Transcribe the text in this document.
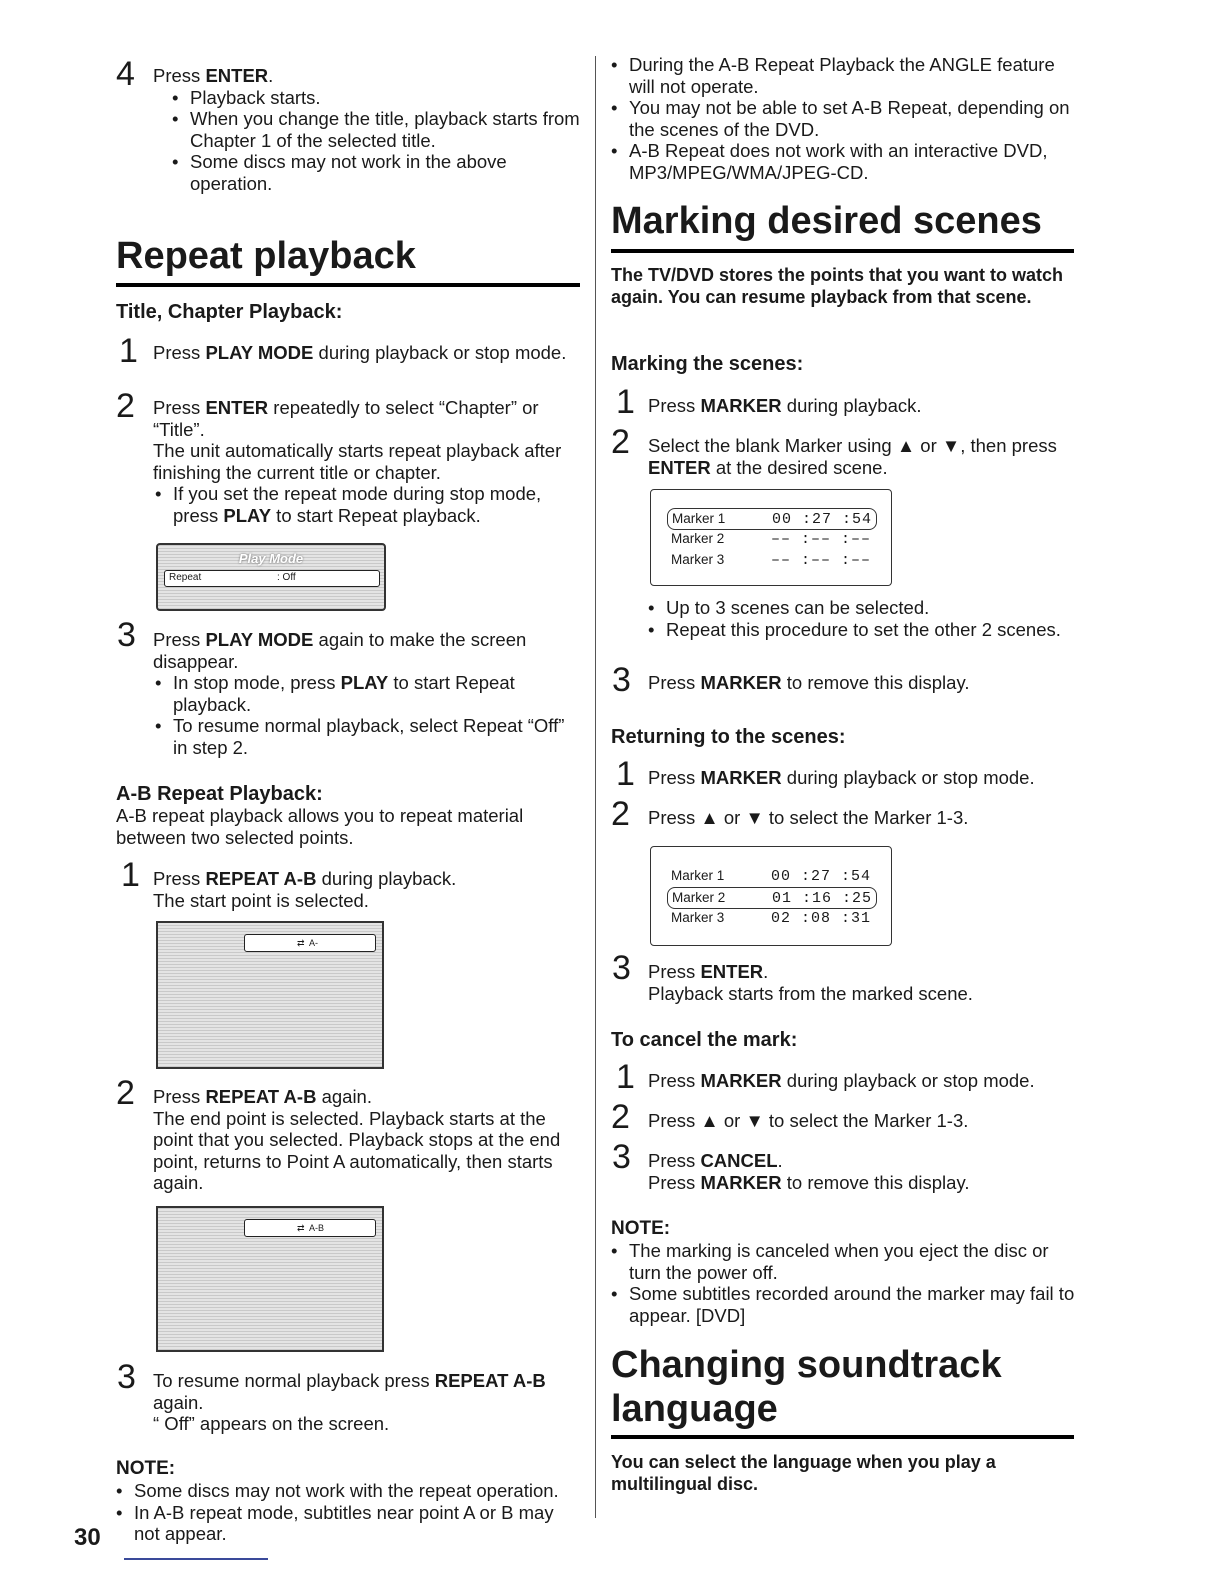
4 Press ENTER.
• Playback starts.
• When you change the title, playback starts from Chapter 1 of the selected title.
• Some discs may not work in the above operation.
Repeat playback
Title, Chapter Playback:
1 Press PLAY MODE during playback or stop mode.
2 Press ENTER repeatedly to select “Chapter” or “Title”.
The unit automatically starts repeat playback after finishing the current title or chapter.
• If you set the repeat mode during stop mode, press PLAY to start Repeat playback.
Play Mode
Repeat	: Off
3 Press PLAY MODE again to make the screen disappear.
• In stop mode, press PLAY to start Repeat playback.
• To resume normal playback, select Repeat “Off” in step 2.
A-B Repeat Playback:
A-B repeat playback allows you to repeat material between two selected points.
1 Press REPEAT A-B during playback.
The start point is selected.
⇄ A-
2 Press REPEAT A-B again.
The end point is selected. Playback starts at the point that you selected. Playback stops at the end point, returns to Point A automatically, then starts again.
⇄ A-B
3 To resume normal playback press REPEAT A-B again.
“ Off” appears on the screen.
NOTE:
• Some discs may not work with the repeat operation.
• In A-B repeat mode, subtitles near point A or B may not appear.
30
• During the A-B Repeat Playback the ANGLE feature will not operate.
• You may not be able to set A-B Repeat, depending on the scenes of the DVD.
• A-B Repeat does not work with an interactive DVD, MP3/MPEG/WMA/JPEG-CD.
Marking desired scenes
The TV/DVD stores the points that you want to watch again. You can resume playback from that scene.
Marking the scenes:
1 Press MARKER during playback.
2 Select the blank Marker using ▲ or ▼, then press
ENTER at the desired scene.
Marker 1	00 :27 :54
Marker 2	–– :–– :––
Marker 3	–– :–– :––
• Up to 3 scenes can be selected.
• Repeat this procedure to set the other 2 scenes.
3 Press MARKER to remove this display.
Returning to the scenes:
1 Press MARKER during playback or stop mode.
2 Press ▲ or ▼ to select the Marker 1-3.
Marker 1	00 :27 :54
Marker 2	01 :16 :25
Marker 3	02 :08 :31
3 Press ENTER.
Playback starts from the marked scene.
To cancel the mark:
1 Press MARKER during playback or stop mode.
2 Press ▲ or ▼ to select the Marker 1-3.
3 Press CANCEL.
Press MARKER to remove this display.
NOTE:
• The marking is canceled when you eject the disc or turn the power off.
• Some subtitles recorded around the marker may fail to appear. [DVD]
Changing soundtrack
language
You can select the language when you play a multilingual disc.
